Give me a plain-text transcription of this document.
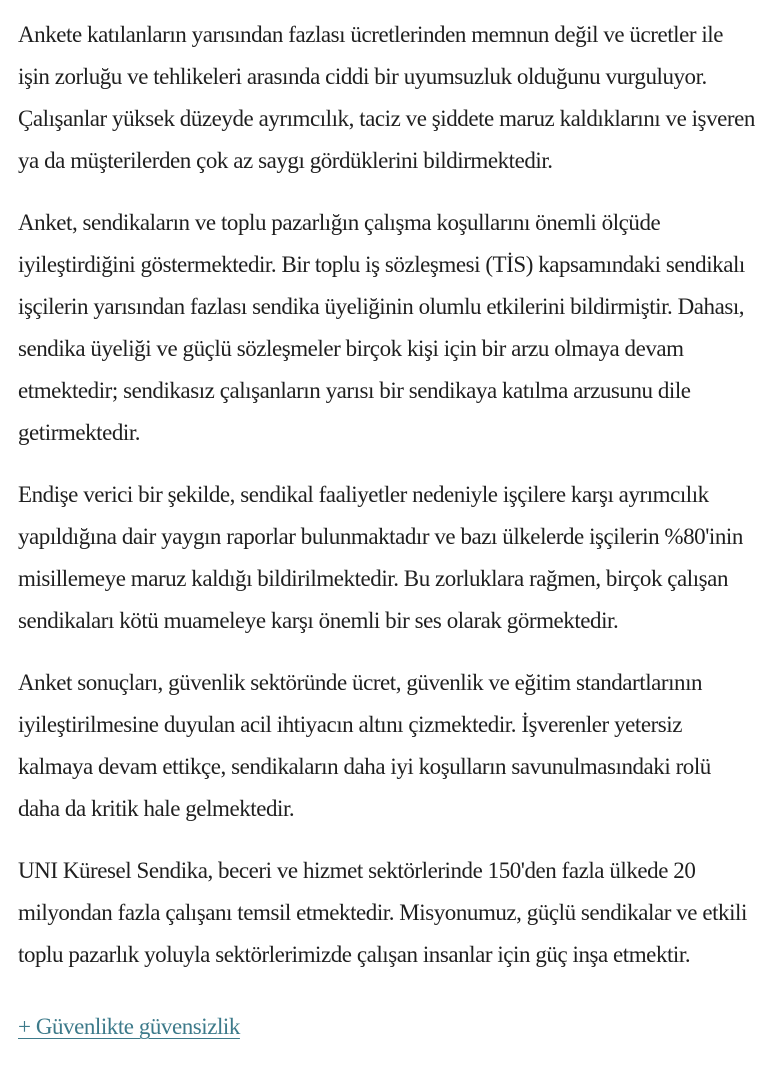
Ankete katılanların yarısından fazlası ücretlerinden memnun değil ve ücretler ile işin zorluğu ve tehlikeleri arasında ciddi bir uyumsuzluk olduğunu vurguluyor. Çalışanlar yüksek düzeyde ayrımcılık, taciz ve şiddete maruz kaldıklarını ve işveren ya da müşterilerden çok az saygı gördüklerini bildirmektedir.

Anket, sendikaların ve toplu pazarlığın çalışma koşullarını önemli ölçüde iyileştirdiğini göstermektedir. Bir toplu iş sözleşmesi (TİS) kapsamındaki sendikalı işçilerin yarısından fazlası sendika üyeliğinin olumlu etkilerini bildirmiştir. Dahası, sendika üyeliği ve güçlü sözleşmeler birçok kişi için bir arzu olmaya devam etmektedir; sendikasız çalışanların yarısı bir sendikaya katılma arzusunu dile getirmektedir.

Endişe verici bir şekilde, sendikal faaliyetler nedeniyle işçilere karşı ayrımcılık yapıldığına dair yaygın raporlar bulunmaktadır ve bazı ülkelerde işçilerin %80'inin misillemeye maruz kaldığı bildirilmektedir. Bu zorluklara rağmen, birçok çalışan sendikaları kötü muameleye karşı önemli bir ses olarak görmektedir.

Anket sonuçları, güvenlik sektöründe ücret, güvenlik ve eğitim standartlarının iyileştirilmesine duyulan acil ihtiyacın altını çizmektedir. İşverenler yetersiz kalmaya devam ettikçe, sendikaların daha iyi koşulların savunulmasındaki rolü daha da kritik hale gelmektedir.

UNI Küresel Sendika, beceri ve hizmet sektörlerinde 150'den fazla ülkede 20 milyondan fazla çalışanı temsil etmektedir. Misyonumuz, güçlü sendikalar ve etkili toplu pazarlık yoluyla sektörlerimizde çalışan insanlar için güç inşa etmektir.

+ Güvenlikte güvensizlik
